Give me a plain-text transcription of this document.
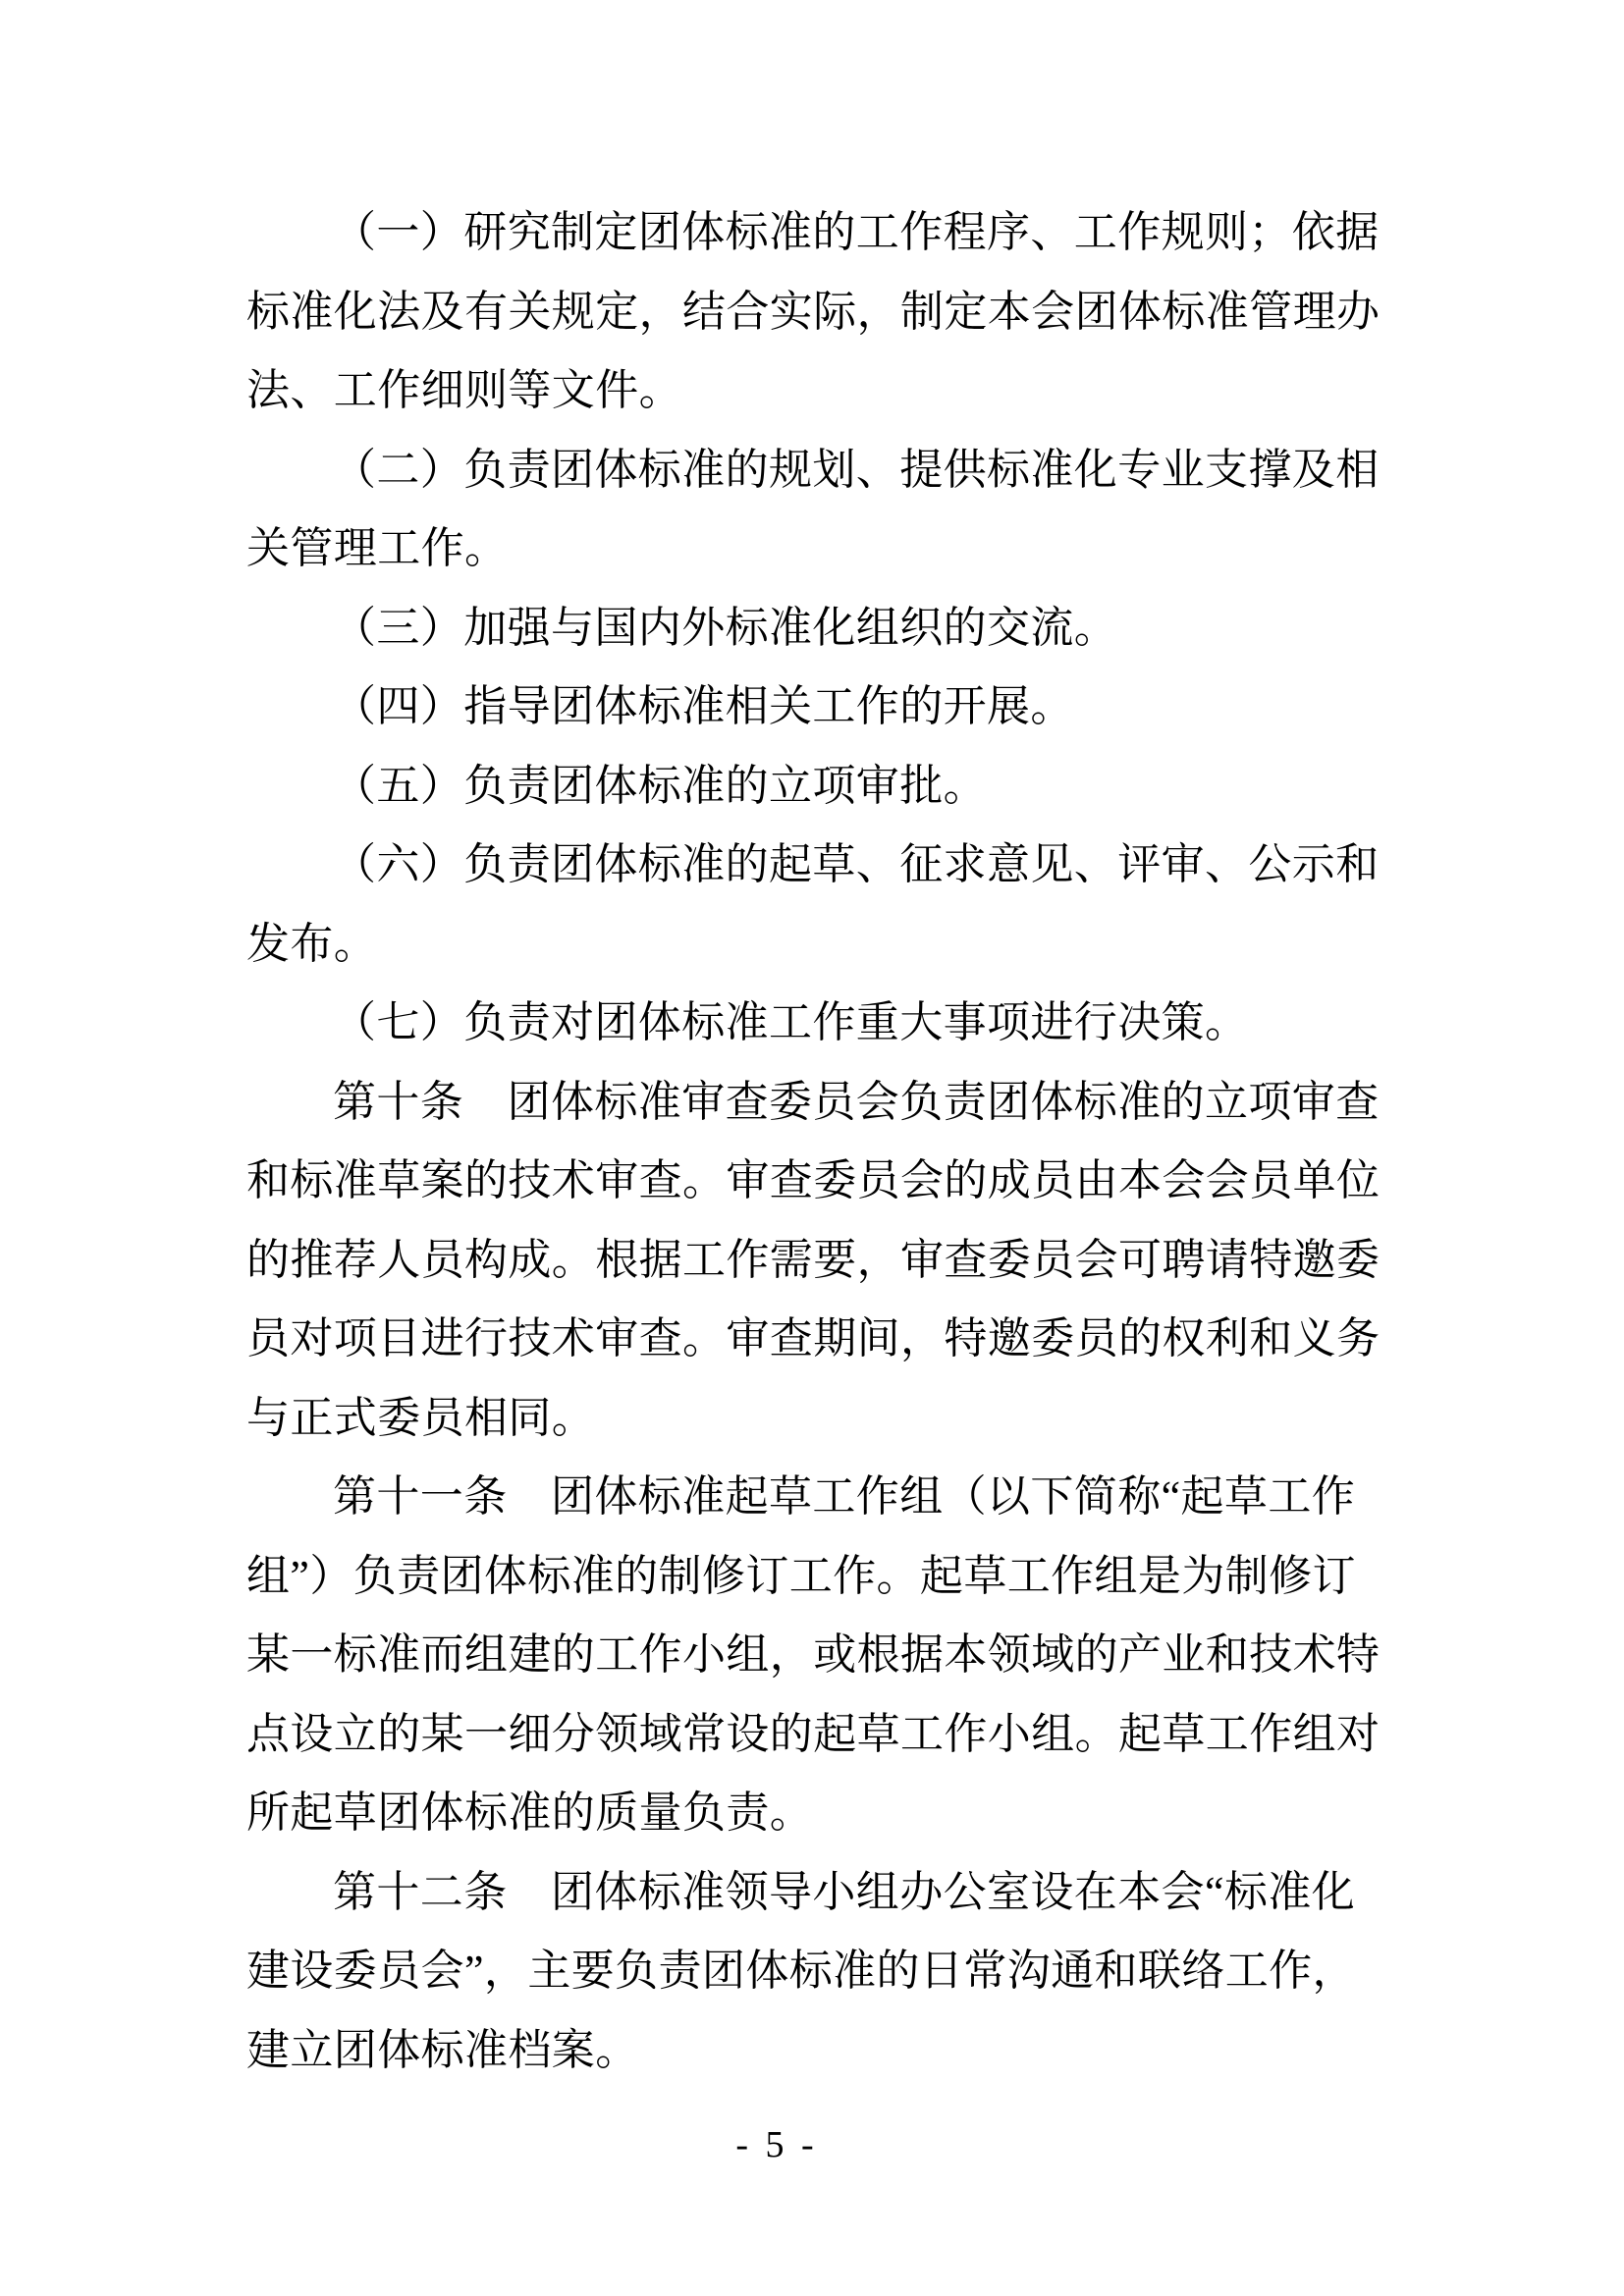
（一）研究制定团体标准的工作程序、工作规则；依据
标准化法及有关规定，结合实际，制定本会团体标准管理办
法、工作细则等文件。
（二）负责团体标准的规划、提供标准化专业支撑及相
关管理工作。
（三）加强与国内外标准化组织的交流。
（四）指导团体标准相关工作的开展。
（五）负责团体标准的立项审批。
（六）负责团体标准的起草、征求意见、评审、公示和
发布。
（七）负责对团体标准工作重大事项进行决策。
第十条　团体标准审查委员会负责团体标准的立项审查
和标准草案的技术审查。审查委员会的成员由本会会员单位
的推荐人员构成。根据工作需要，审查委员会可聘请特邀委
员对项目进行技术审查。审查期间，特邀委员的权利和义务
与正式委员相同。
第十一条　团体标准起草工作组（以下简称“起草工作
组”）负责团体标准的制修订工作。起草工作组是为制修订
某一标准而组建的工作小组，或根据本领域的产业和技术特
点设立的某一细分领域常设的起草工作小组。起草工作组对
所起草团体标准的质量负责。
第十二条　团体标准领导小组办公室设在本会“标准化
建设委员会”，主要负责团体标准的日常沟通和联络工作，
建立团体标准档案。
- 5 -
